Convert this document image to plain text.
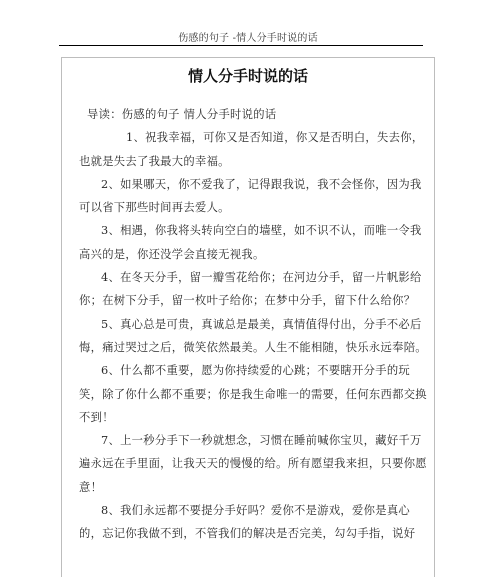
伤感的句子 -情人分手时说的话
情人分手时说的话

导读：伤感的句子 情人分手时说的话

1、祝我幸福，可你又是否知道，你又是否明白，失去你，也就是失去了我最大的幸福。

2、如果哪天，你不爱我了，记得跟我说，我不会怪你，因为我可以省下那些时间再去爱人。

3、相遇，你我将头转向空白的墙壁，如不识不认，而唯一令我高兴的是，你还没学会直接无视我。

4、在冬天分手，留一瓣雪花给你；在河边分手，留一片帆影给你；在树下分手，留一枚叶子给你；在梦中分手，留下什么给你？

5、真心总是可贵，真诚总是最美，真情值得付出，分手不必后悔，痛过哭过之后，微笑依然最美。人生不能相随，快乐永远奉陪。

6、什么都不重要，愿为你持续爱的心跳；不要瞎开分手的玩笑，除了你什么都不重要；你是我生命唯一的需要，任何东西都交换不到！

7、上一秒分手下一秒就想念，习惯在睡前喊你宝贝，藏好千万遍永远在手里面，让我天天的慢慢的给。所有愿望我来担，只要你愿意！

8、我们永远都不要提分手好吗？爱你不是游戏，爱你是真心的，忘记你我做不到，不管我们的解决是否完美，勾勾手指，说好
